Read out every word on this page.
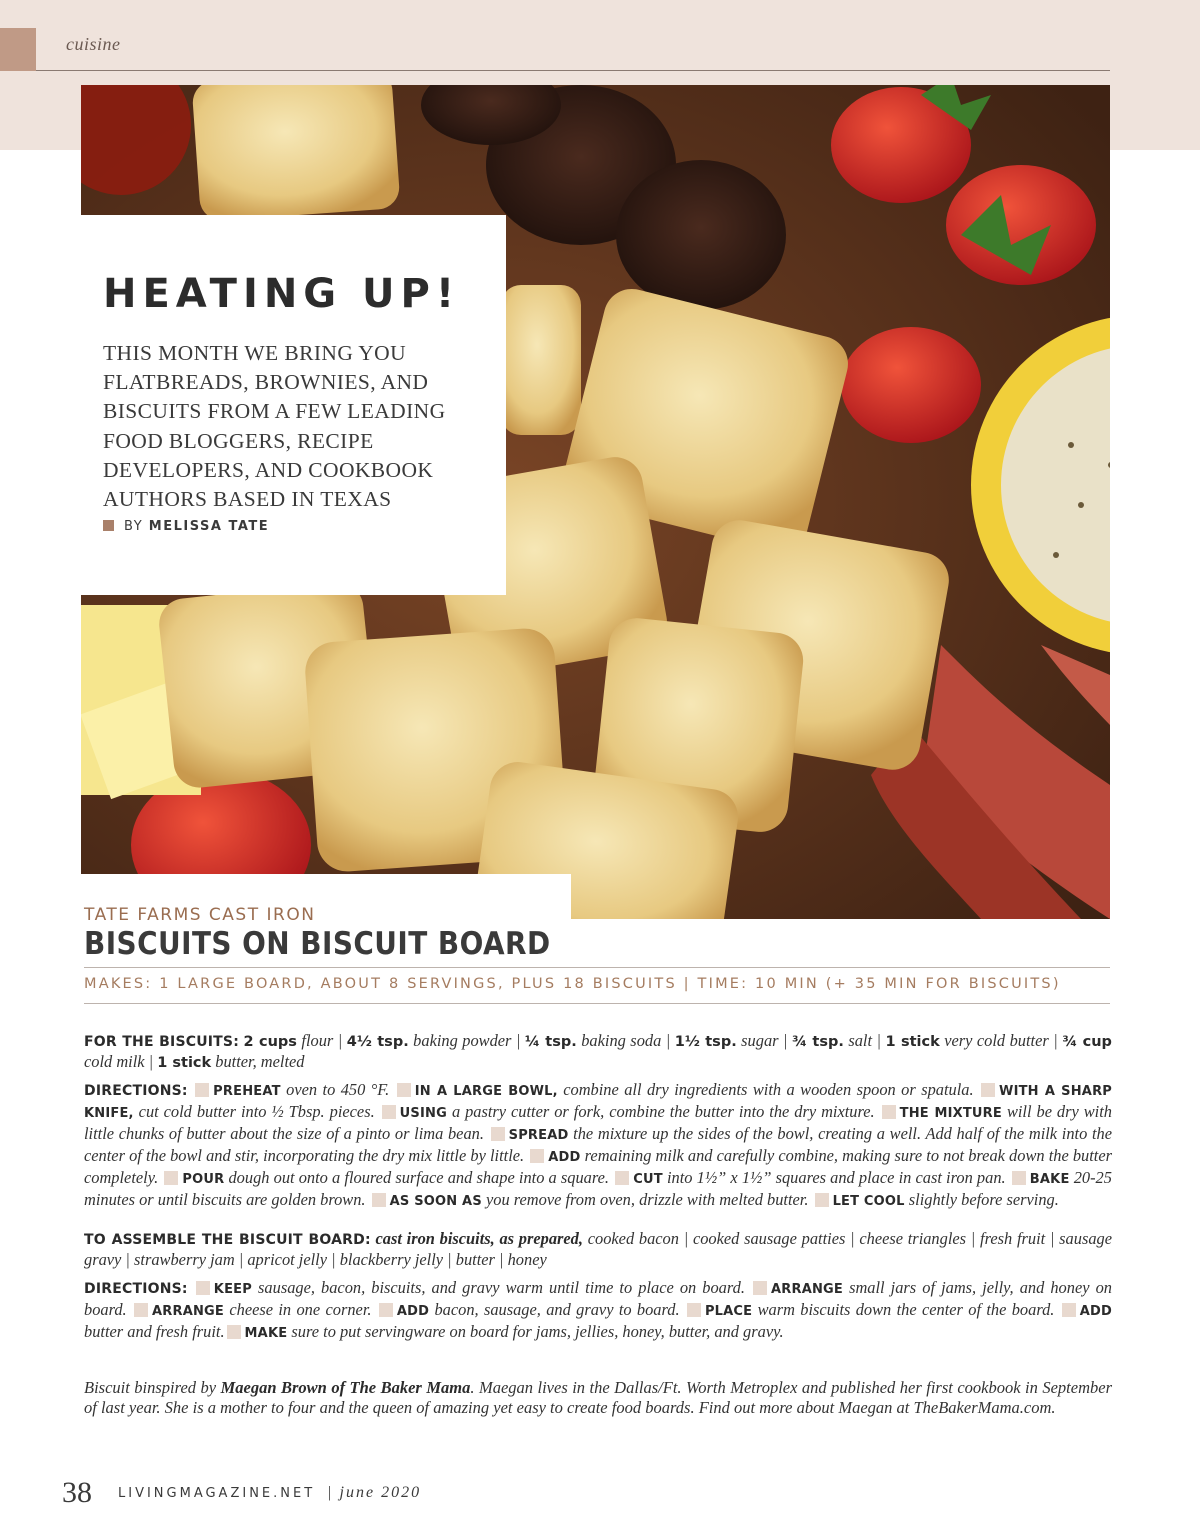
cuisine
HEATING UP!
THIS MONTH WE BRING YOU FLATBREADS, BROWNIES, AND BISCUITS FROM A FEW LEADING FOOD BLOGGERS, RECIPE DEVELOPERS, AND COOKBOOK AUTHORS BASED IN TEXAS
BY MELISSA TATE
TATE FARMS CAST IRON
BISCUITS ON BISCUIT BOARD
MAKES: 1 LARGE BOARD, ABOUT 8 SERVINGS, PLUS 18 BISCUITS | TIME: 10 MIN (+ 35 MIN FOR BISCUITS)
FOR THE BISCUITS: 2 cups flour | 4½ tsp. baking powder | ¼ tsp. baking soda | 1½ tsp. sugar | ¾ tsp. salt | 1 stick very cold butter | ¾ cup cold milk | 1 stick butter, melted
DIRECTIONS: PREHEAT oven to 450 °F. IN A LARGE BOWL, combine all dry ingredients with a wooden spoon or spatula. WITH A SHARP KNIFE, cut cold butter into ½ Tbsp. pieces. USING a pastry cutter or fork, combine the butter into the dry mixture. THE MIXTURE will be dry with little chunks of butter about the size of a pinto or lima bean. SPREAD the mixture up the sides of the bowl, creating a well. Add half of the milk into the center of the bowl and stir, incorporating the dry mix little by little. ADD remaining milk and carefully combine, making sure to not break down the butter completely. POUR dough out onto a floured surface and shape into a square. CUT into 1½” x 1½” squares and place in cast iron pan. BAKE 20-25 minutes or until biscuits are golden brown. AS SOON AS you remove from oven, drizzle with melted butter. LET COOL slightly before serving.
TO ASSEMBLE THE BISCUIT BOARD: cast iron biscuits, as prepared, cooked bacon | cooked sausage patties | cheese triangles | fresh fruit | sausage gravy | strawberry jam | apricot jelly | blackberry jelly | butter | honey
DIRECTIONS: KEEP sausage, bacon, biscuits, and gravy warm until time to place on board. ARRANGE small jars of jams, jelly, and honey on board. ARRANGE cheese in one corner. ADD bacon, sausage, and gravy to board. PLACE warm biscuits down the center of the board. ADD butter and fresh fruit. MAKE sure to put servingware on board for jams, jellies, honey, butter, and gravy.
Biscuit binspired by Maegan Brown of The Baker Mama. Maegan lives in the Dallas/Ft. Worth Metroplex and published her first cookbook in September of last year. She is a mother to four and the queen of amazing yet easy to create food boards. Find out more about Maegan at TheBakerMama.com.
38 LIVINGMAGAZINE.NET | june 2020
